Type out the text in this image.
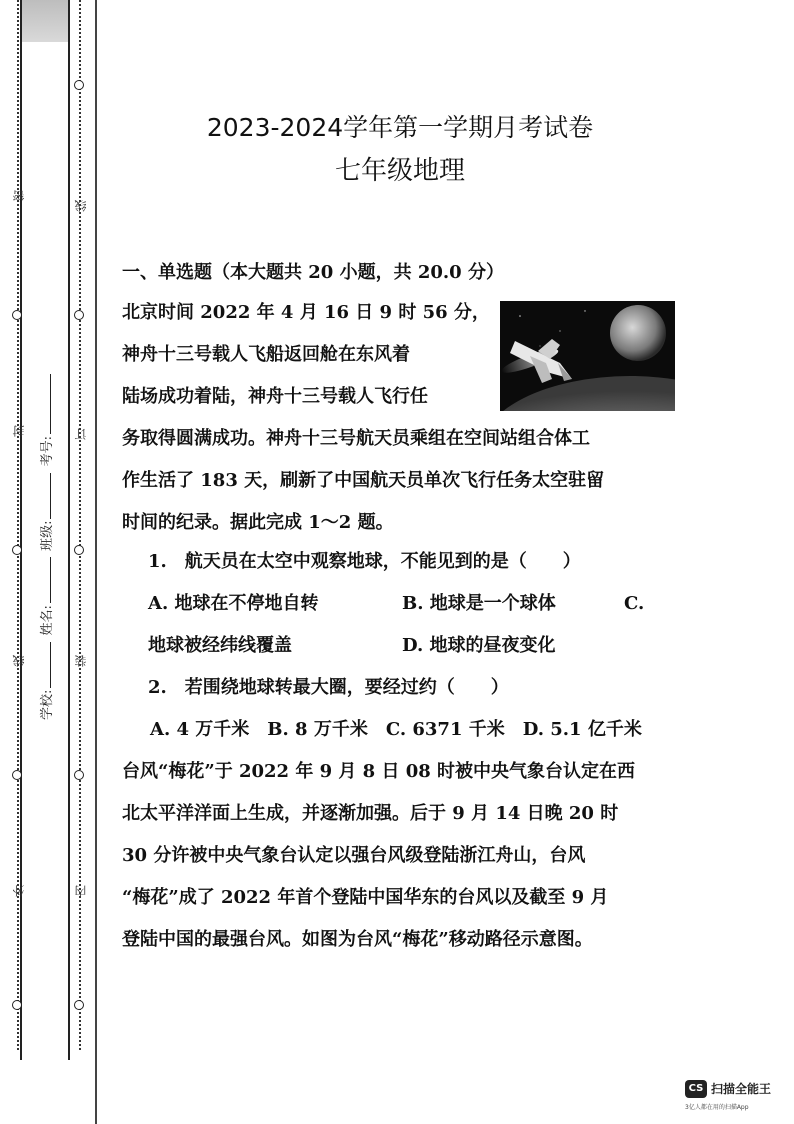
密
封
线
外
线
订
装
内
学校: 姓名: 班级: 考号:
2023-2024学年第一学期月考试卷
七年级地理
一、单选题（本大题共 20 小题，共 20.0 分）
北京时间 2022 年 4 月 16 日 9 时 56 分，
神舟十三号载人飞船返回舱在东风着
陆场成功着陆，神舟十三号载人飞行任
务取得圆满成功。神舟十三号航天员乘组在空间站组合体工
作生活了 183 天，刷新了中国航天员单次飞行任务太空驻留
时间的纪录。据此完成 1～2 题。
1.　航天员在太空中观察地球，不能见到的是（　　）
A. 地球在不停地自转	B. 地球是一个球体	C.
地球被经纬线覆盖	D. 地球的昼夜变化
2.　若围绕地球转最大圈，要经过约（　　）
A. 4 万千米　B. 8 万千米　C. 6371 千米　D. 5.1 亿千米
台风“梅花”于 2022 年 9 月 8 日 08 时被中央气象台认定在西
北太平洋洋面上生成，并逐渐加强。后于 9 月 14 日晚 20 时
30 分许被中央气象台认定以强台风级登陆浙江舟山，台风
“梅花”成了 2022 年首个登陆中国华东的台风以及截至 9 月
登陆中国的最强台风。如图为台风“梅花”移动路径示意图。
CS 扫描全能王
3亿人都在用的扫描App
